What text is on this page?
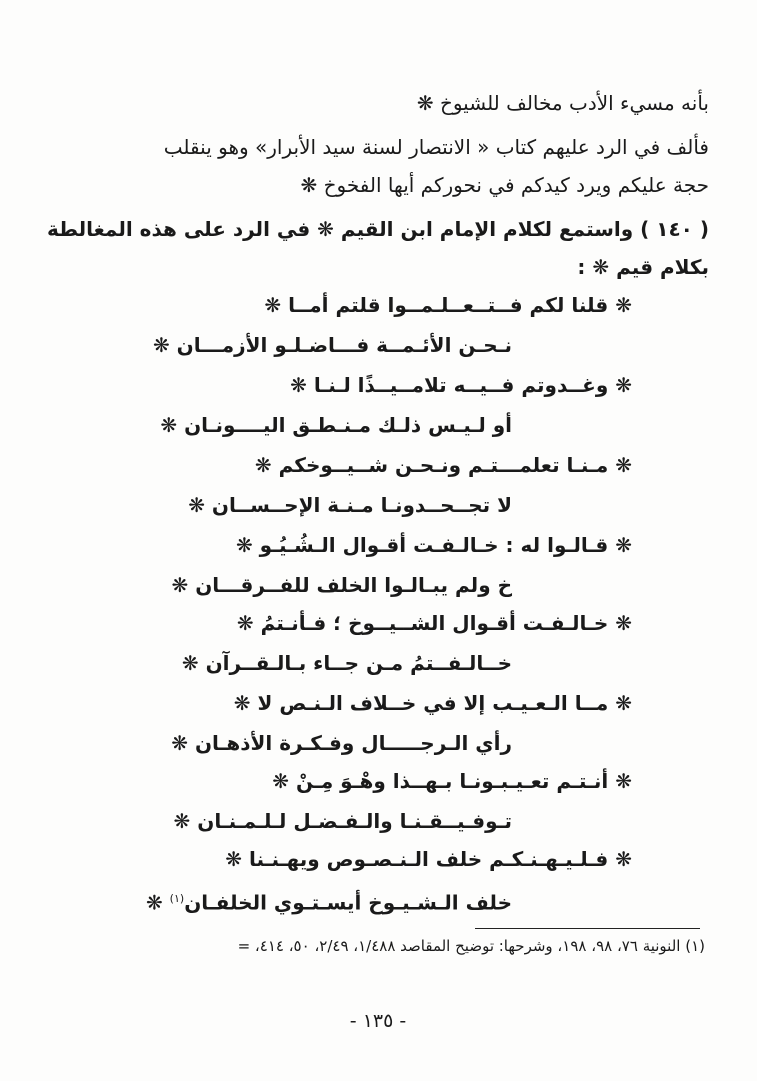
بأنه مسيء الأدب مخالف للشيوخ ❋
فألف في الرد عليهم كتاب « الانتصار لسنة سيد الأبرار» وهو ينقلب
حجة عليكم ويرد كيدكم في نحوركم أيها الفخوخ ❋
( ١٤٠ ) واستمع لكلام الإمام ابن القيم ❋ في الرد على هذه المغالطة
بكلام قيم ❋ :
❋ قلنا لكم فــتــعــلـمــوا قلتم أمــا ❋
نـحـن الأئـمــة فـــاضـلـو الأزمـــان ❋
❋ وغــدوتم فــيــه تلامــيــذًا لـنـا ❋
أو لـيـس ذلـك مـنـطـق اليــــونـان ❋
❋ مـنـا تعلمـــتـم ونـحـن شــيــوخكم ❋
لا تجــحــدونـا مـنـة الإحــســان ❋
❋ قـالـوا له : خـالـفـت أقـوال الـشُـيُـو ❋
خ ولم يبـالـوا الخلف للفــرقـــان ❋
❋ خـالـفـت أقـوال الشــيــوخ ؛ فـأنـتمُ ❋
خــالـفــتمُ مـن جــاء بـالـقــرآن ❋
❋ مــا الـعـيـب إلا في خــلاف الـنـص لا ❋
رأي الـرجـــــال وفـكـرة الأذهـان ❋
❋ أنـتـم تعـيـبـونـا بـهــذا وهْـوَ مِـنْ ❋
تـوفـيــقـنـا والـفـضـل لـلـمـنـان ❋
❋ فـلـيـهـنـكـم خلف الـنـصـوص ويهـنـنا ❋
خلف الـشـيـوخ أيسـتـوي الخلفـان$^{(١)}$ ❋
(١) النونية ٧٦، ٩٨، ١٩٨، وشرحها: توضيح المقاصد ١/٤٨٨، ٢/٤٩، ٥٠، ٤١٤، =
- ١٣٥ -
